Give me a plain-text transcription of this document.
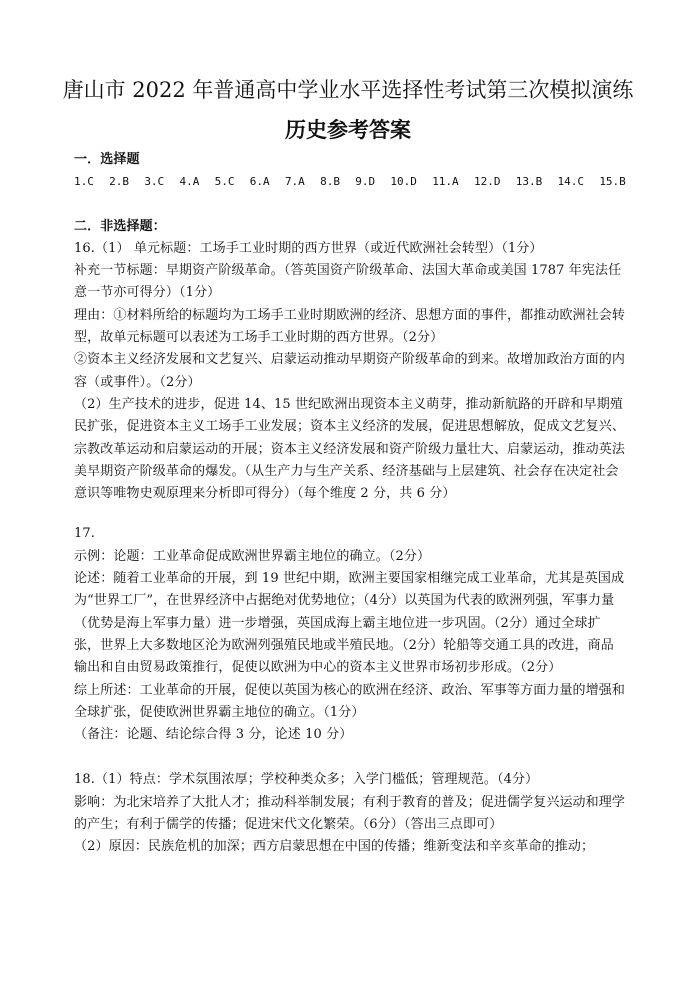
唐山市 2022 年普通高中学业水平选择性考试第三次模拟演练
历史参考答案

一．选择题

1.C 2.B 3.C 4.A 5.C 6.A 7.A 8.B 9.D 10.D 11.A 12.D 13.B 14.C 15.B

二．非选择题：

16.（1） 单元标题：工场手工业时期的西方世界（或近代欧洲社会转型）（1分）

补充一节标题：早期资产阶级革命。（答英国资产阶级革命、法国大革命或美国 1787 年宪法任意一节亦可得分）（1分）

理由：①材料所给的标题均为工场手工业时期欧洲的经济、思想方面的事件，都推动欧洲社会转型，故单元标题可以表述为工场手工业时期的西方世界。（2分）

②资本主义经济发展和文艺复兴、启蒙运动推动早期资产阶级革命的到来。故增加政治方面的内容（或事件）。（2分）

（2）生产技术的进步，促进 14、15 世纪欧洲出现资本主义萌芽，推动新航路的开辟和早期殖民扩张，促进资本主义工场手工业发展；资本主义经济的发展，促进思想解放，促成文艺复兴、宗教改革运动和启蒙运动的开展；资本主义经济发展和资产阶级力量壮大、启蒙运动，推动英法美早期资产阶级革命的爆发。（从生产力与生产关系、经济基础与上层建筑、社会存在决定社会意识等唯物史观原理来分析即可得分）（每个维度 2 分，共 6 分）

17.

示例：论题：工业革命促成欧洲世界霸主地位的确立。（2分）

论述：随着工业革命的开展，到 19 世纪中期，欧洲主要国家相继完成工业革命，尤其是英国成为“世界工厂”，在世界经济中占据绝对优势地位；（4分）以英国为代表的欧洲列强，军事力量（优势是海上军事力量）进一步增强，英国成海上霸主地位进一步巩固。（2分）通过全球扩张，世界上大多数地区沦为欧洲列强殖民地或半殖民地。（2分）轮船等交通工具的改进，商品输出和自由贸易政策推行，促使以欧洲为中心的资本主义世界市场初步形成。（2分）

综上所述：工业革命的开展，促使以英国为核心的欧洲在经济、政治、军事等方面力量的增强和全球扩张，促使欧洲世界霸主地位的确立。（1分）

（备注：论题、结论综合得 3 分，论述 10 分）

18.（1）特点：学术氛围浓厚；学校种类众多；入学门槛低；管理规范。（4分）

影响：为北宋培养了大批人才；推动科举制发展；有利于教育的普及；促进儒学复兴运动和理学的产生；有利于儒学的传播；促进宋代文化繁荣。（6分）（答出三点即可）

（2）原因：民族危机的加深；西方启蒙思想在中国的传播；维新变法和辛亥革命的推动；
